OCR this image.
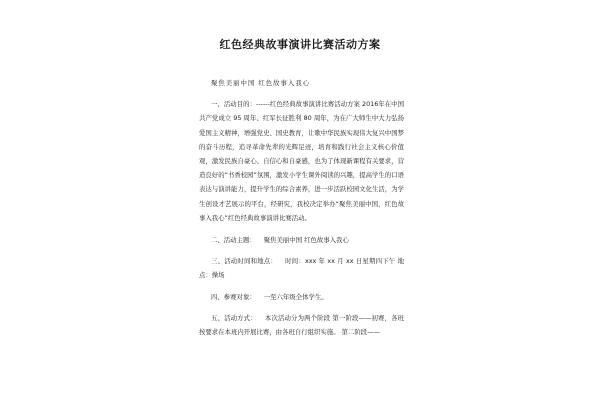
红色经典故事演讲比赛活动方案

聚焦美丽中国 红色故事入我心

一、活动目的：------红色经典故事演讲比赛活动方案 2016年在中国共产党成立 95 周年、红军长征胜利 80 周年，为在广大师生中大力弘扬爱国主义精神，增强党史、国史教育，让歌中华民族实现伟大复兴中国梦的奋斗历程，追寻革命先辈的光辉足迹，培育和践行社会主义核心价值观，激发民族自豪心、自信心和自豪感，也为了体现新课程有关要求，营造良好的“书香校园”氛围，激发小学生课外阅读的兴趣，提高学生的口语表达与演讲能力，提升学生的综合素养，进一步活跃校园文化生活，为学生创设才艺展示的平台，经研究，我校决定举办“聚焦美丽中国，红色故事入我心”红色经典故事演讲比赛活动。

二、活动主题： 聚焦美丽中国 红色故事入我心

三、活动时间和地点： 时间：xxx 年 xx 月 xx 日星期四下午 地点：操场

四、参赛对象： 一至六年级全体学生。

五、活动方式： 本次活动分为两个阶段 第一阶段——初赛，各班按要求在本班内开展比赛，由各班自行组织实施。 第二阶段——
